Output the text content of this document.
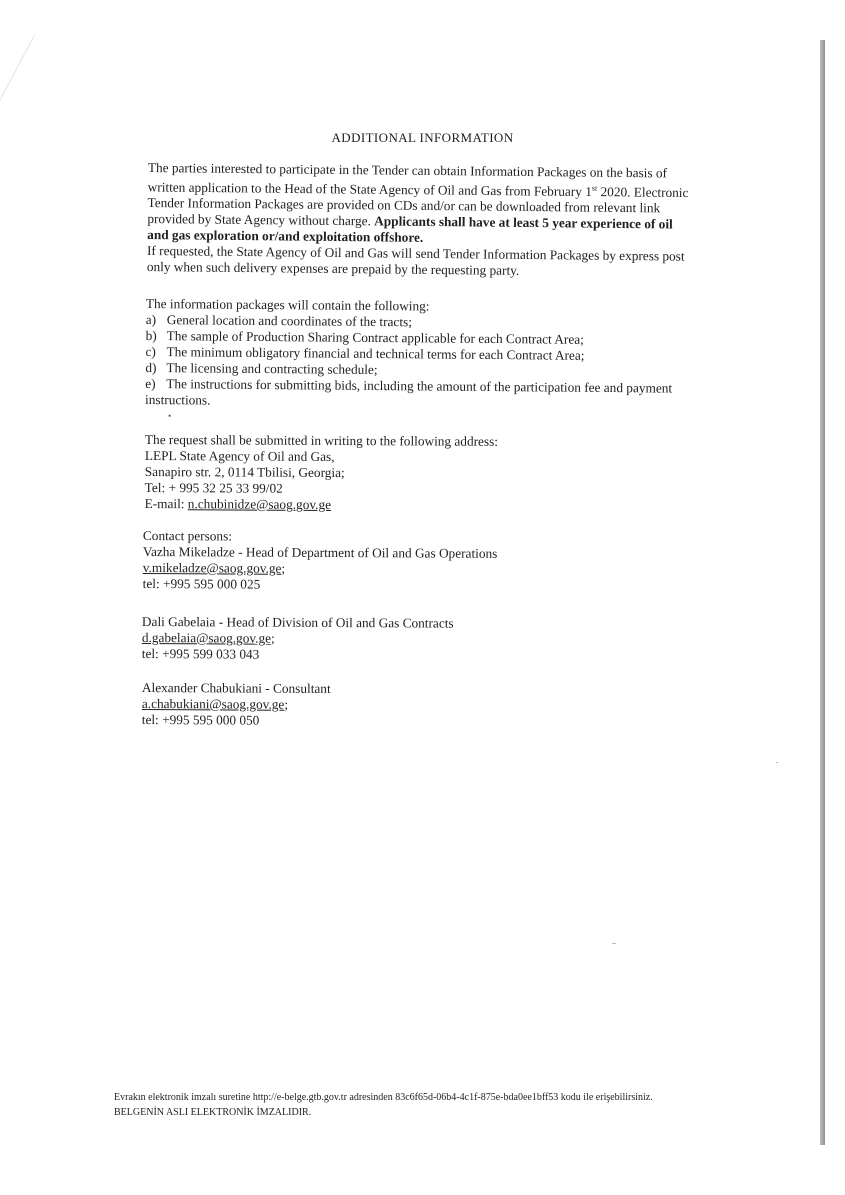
ADDITIONAL INFORMATION
The parties interested to participate in the Tender can obtain Information Packages on the basis of
written application to the Head of the State Agency of Oil and Gas from February 1st 2020. Electronic
Tender Information Packages are provided on CDs and/or can be downloaded from relevant link
provided by State Agency without charge. Applicants shall have at least 5 year experience of oil
and gas exploration or/and exploitation offshore.
If requested, the State Agency of Oil and Gas will send Tender Information Packages by express post
only when such delivery expenses are prepaid by the requesting party.
The information packages will contain the following:
a) General location and coordinates of the tracts;
b) The sample of Production Sharing Contract applicable for each Contract Area;
c) The minimum obligatory financial and technical terms for each Contract Area;
d) The licensing and contracting schedule;
e) The instructions for submitting bids, including the amount of the participation fee and payment
instructions.
•
The request shall be submitted in writing to the following address:
LEPL State Agency of Oil and Gas,
Sanapiro str. 2, 0114 Tbilisi, Georgia;
Tel: + 995 32 25 33 99/02
E-mail: n.chubinidze@saog.gov.ge
Contact persons:
Vazha Mikeladze - Head of Department of Oil and Gas Operations
v.mikeladze@saog.gov.ge;
tel: +995 595 000 025
Dali Gabelaia - Head of Division of Oil and Gas Contracts
d.gabelaia@saog.gov.ge;
tel: +995 599 033 043
Alexander Chabukiani - Consultant
a.chabukiani@saog.gov.ge;
tel: +995 595 000 050
Evrakın elektronik imzalı suretine http://e-belge.gtb.gov.tr adresinden 83c6f65d-06b4-4c1f-875e-bda0ee1bff53 kodu ile erişebilirsiniz.
BELGENİN ASLI ELEKTRONİK İMZALIDIR.
